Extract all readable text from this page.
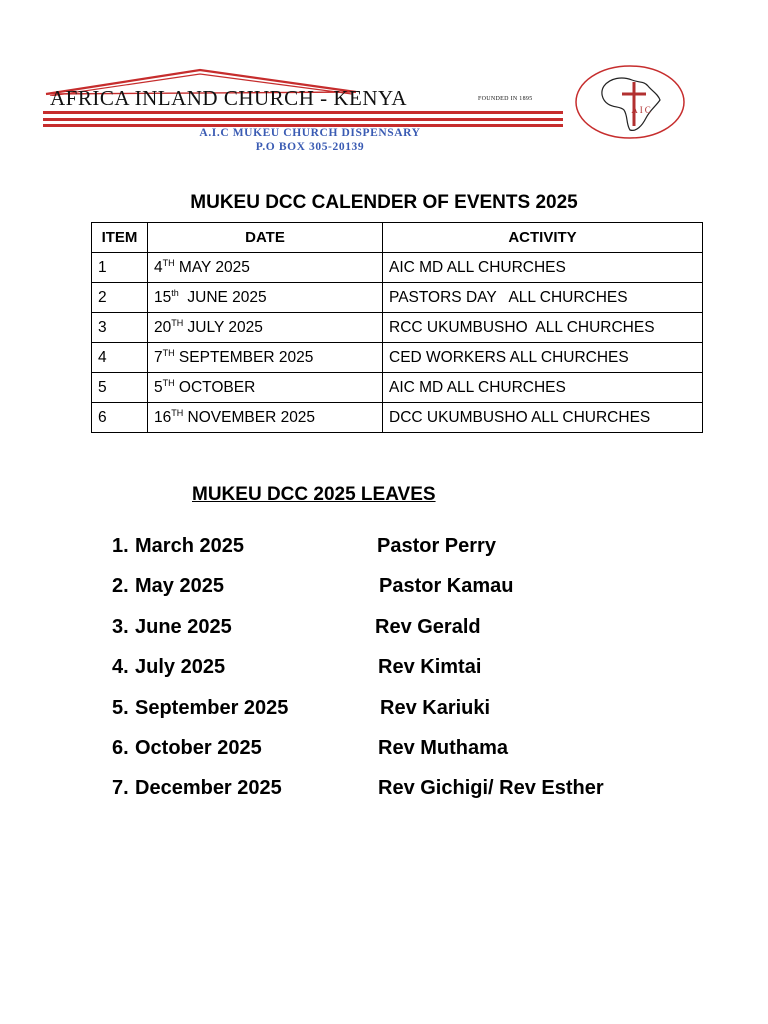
AFRICA INLAND CHURCH - KENYA	FOUNDED IN 1895
A.I.C MUKEU CHURCH DISPENSARY
P.O BOX 305-20139
AIC
MUKEU DCC CALENDER OF EVENTS 2025
ITEM	DATE	ACTIVITY
1	4TH MAY 2025	AIC MD ALL CHURCHES
2	15th  JUNE 2025	PASTORS DAY   ALL CHURCHES
3	20TH JULY 2025	RCC UKUMBUSHO  ALL CHURCHES
4	7TH SEPTEMBER 2025	CED WORKERS ALL CHURCHES
5	5TH OCTOBER	AIC MD ALL CHURCHES
6	16TH NOVEMBER 2025	DCC UKUMBUSHO ALL CHURCHES
MUKEU DCC 2025 LEAVES
1. March 2025	Pastor Perry
2. May 2025	Pastor Kamau
3. June 2025	Rev Gerald
4. July 2025	Rev Kimtai
5. September 2025	Rev Kariuki
6. October 2025	Rev Muthama
7. December 2025	Rev Gichigi/ Rev Esther
